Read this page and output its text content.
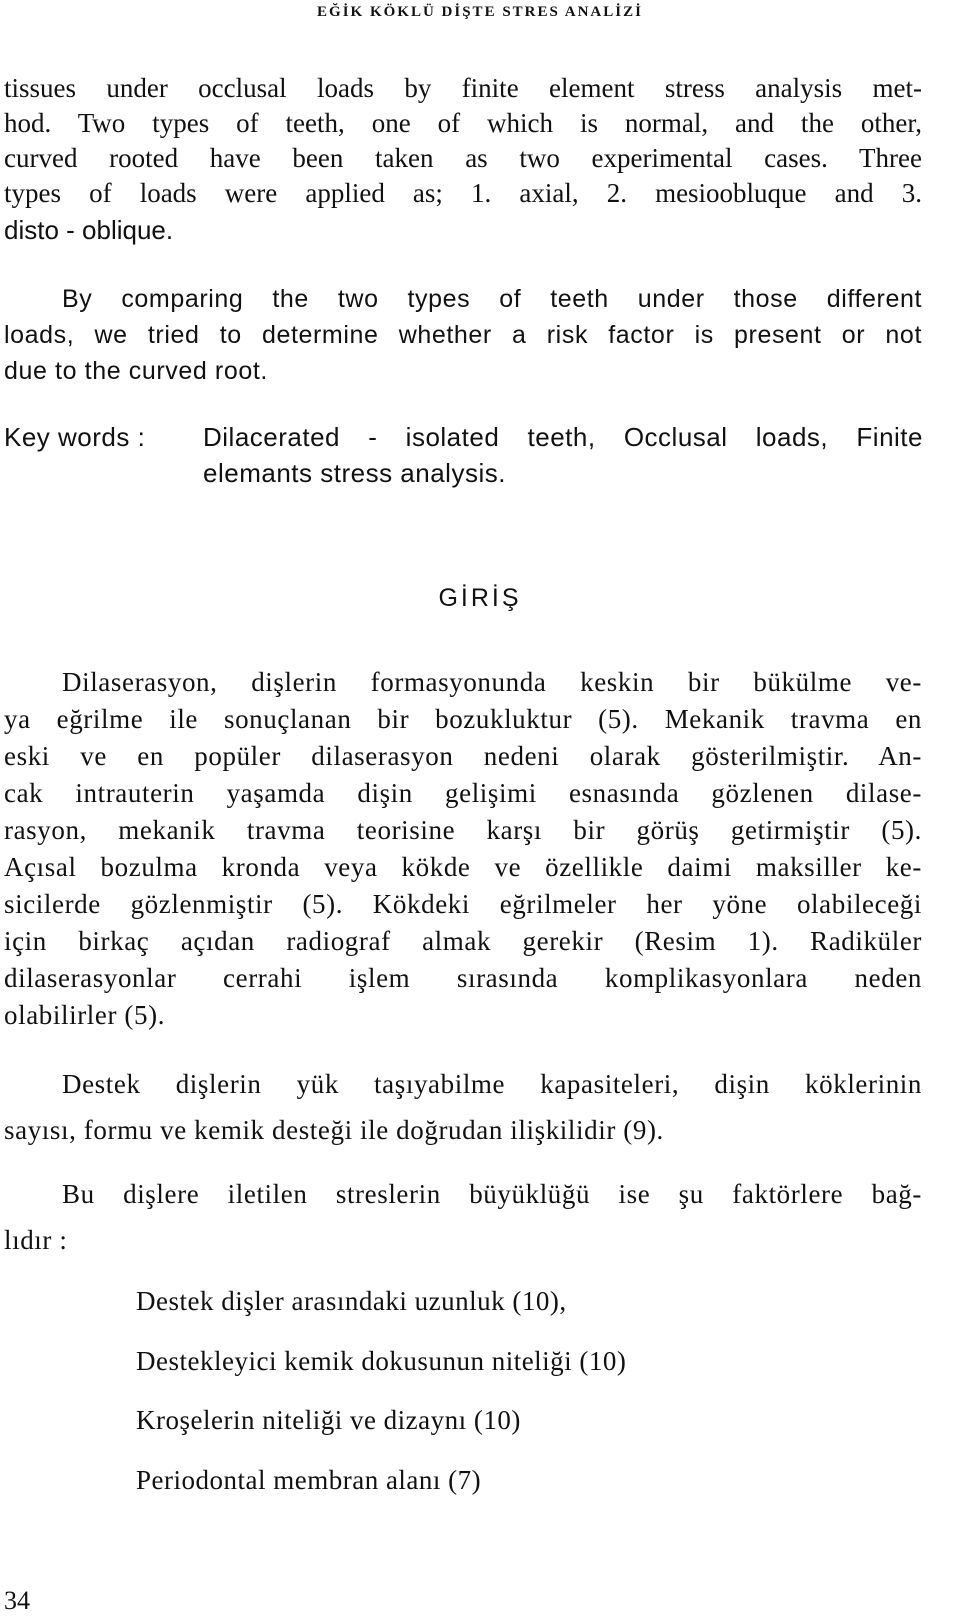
EĞİK KÖKLÜ DİŞTE STRES ANALİZİ
tissues under occlusal loads by finite element stress analysis met-
hod. Two types of teeth, one of which is normal, and the other,
curved rooted have been taken as two experimental cases. Three
types of loads were applied as; 1. axial, 2. mesioobluque and 3.
disto - oblique.
By comparing the two types of teeth under those different
loads, we tried to determine whether a risk factor is present or not
due to the curved root.
Key words : Dilacerated - isolated teeth, Occlusal loads, Finite
elemants stress analysis.
GİRİŞ
Dilaserasyon, dişlerin formasyonunda keskin bir bükülme ve-
ya eğrilme ile sonuçlanan bir bozukluktur (5). Mekanik travma en
eski ve en popüler dilaserasyon nedeni olarak gösterilmiştir. An-
cak intrauterin yaşamda dişin gelişimi esnasında gözlenen dilase-
rasyon, mekanik travma teorisine karşı bir görüş getirmiştir (5).
Açısal bozulma kronda veya kökde ve özellikle daimi maksiller ke-
sicilerde gözlenmiştir (5). Kökdeki eğrilmeler her yöne olabileceği
için birkaç açıdan radiograf almak gerekir (Resim 1). Radiküler
dilaserasyonlar cerrahi işlem sırasında komplikasyonlara neden
olabilirler (5).
Destek dişlerin yük taşıyabilme kapasiteleri, dişin köklerinin
sayısı, formu ve kemik desteği ile doğrudan ilişkilidir (9).
Bu dişlere iletilen streslerin büyüklüğü ise şu faktörlere bağ-
lıdır :
Destek dişler arasındaki uzunluk (10),
Destekleyici kemik dokusunun niteliği (10)
Kroşelerin niteliği ve dizaynı (10)
Periodontal membran alanı (7)
34
